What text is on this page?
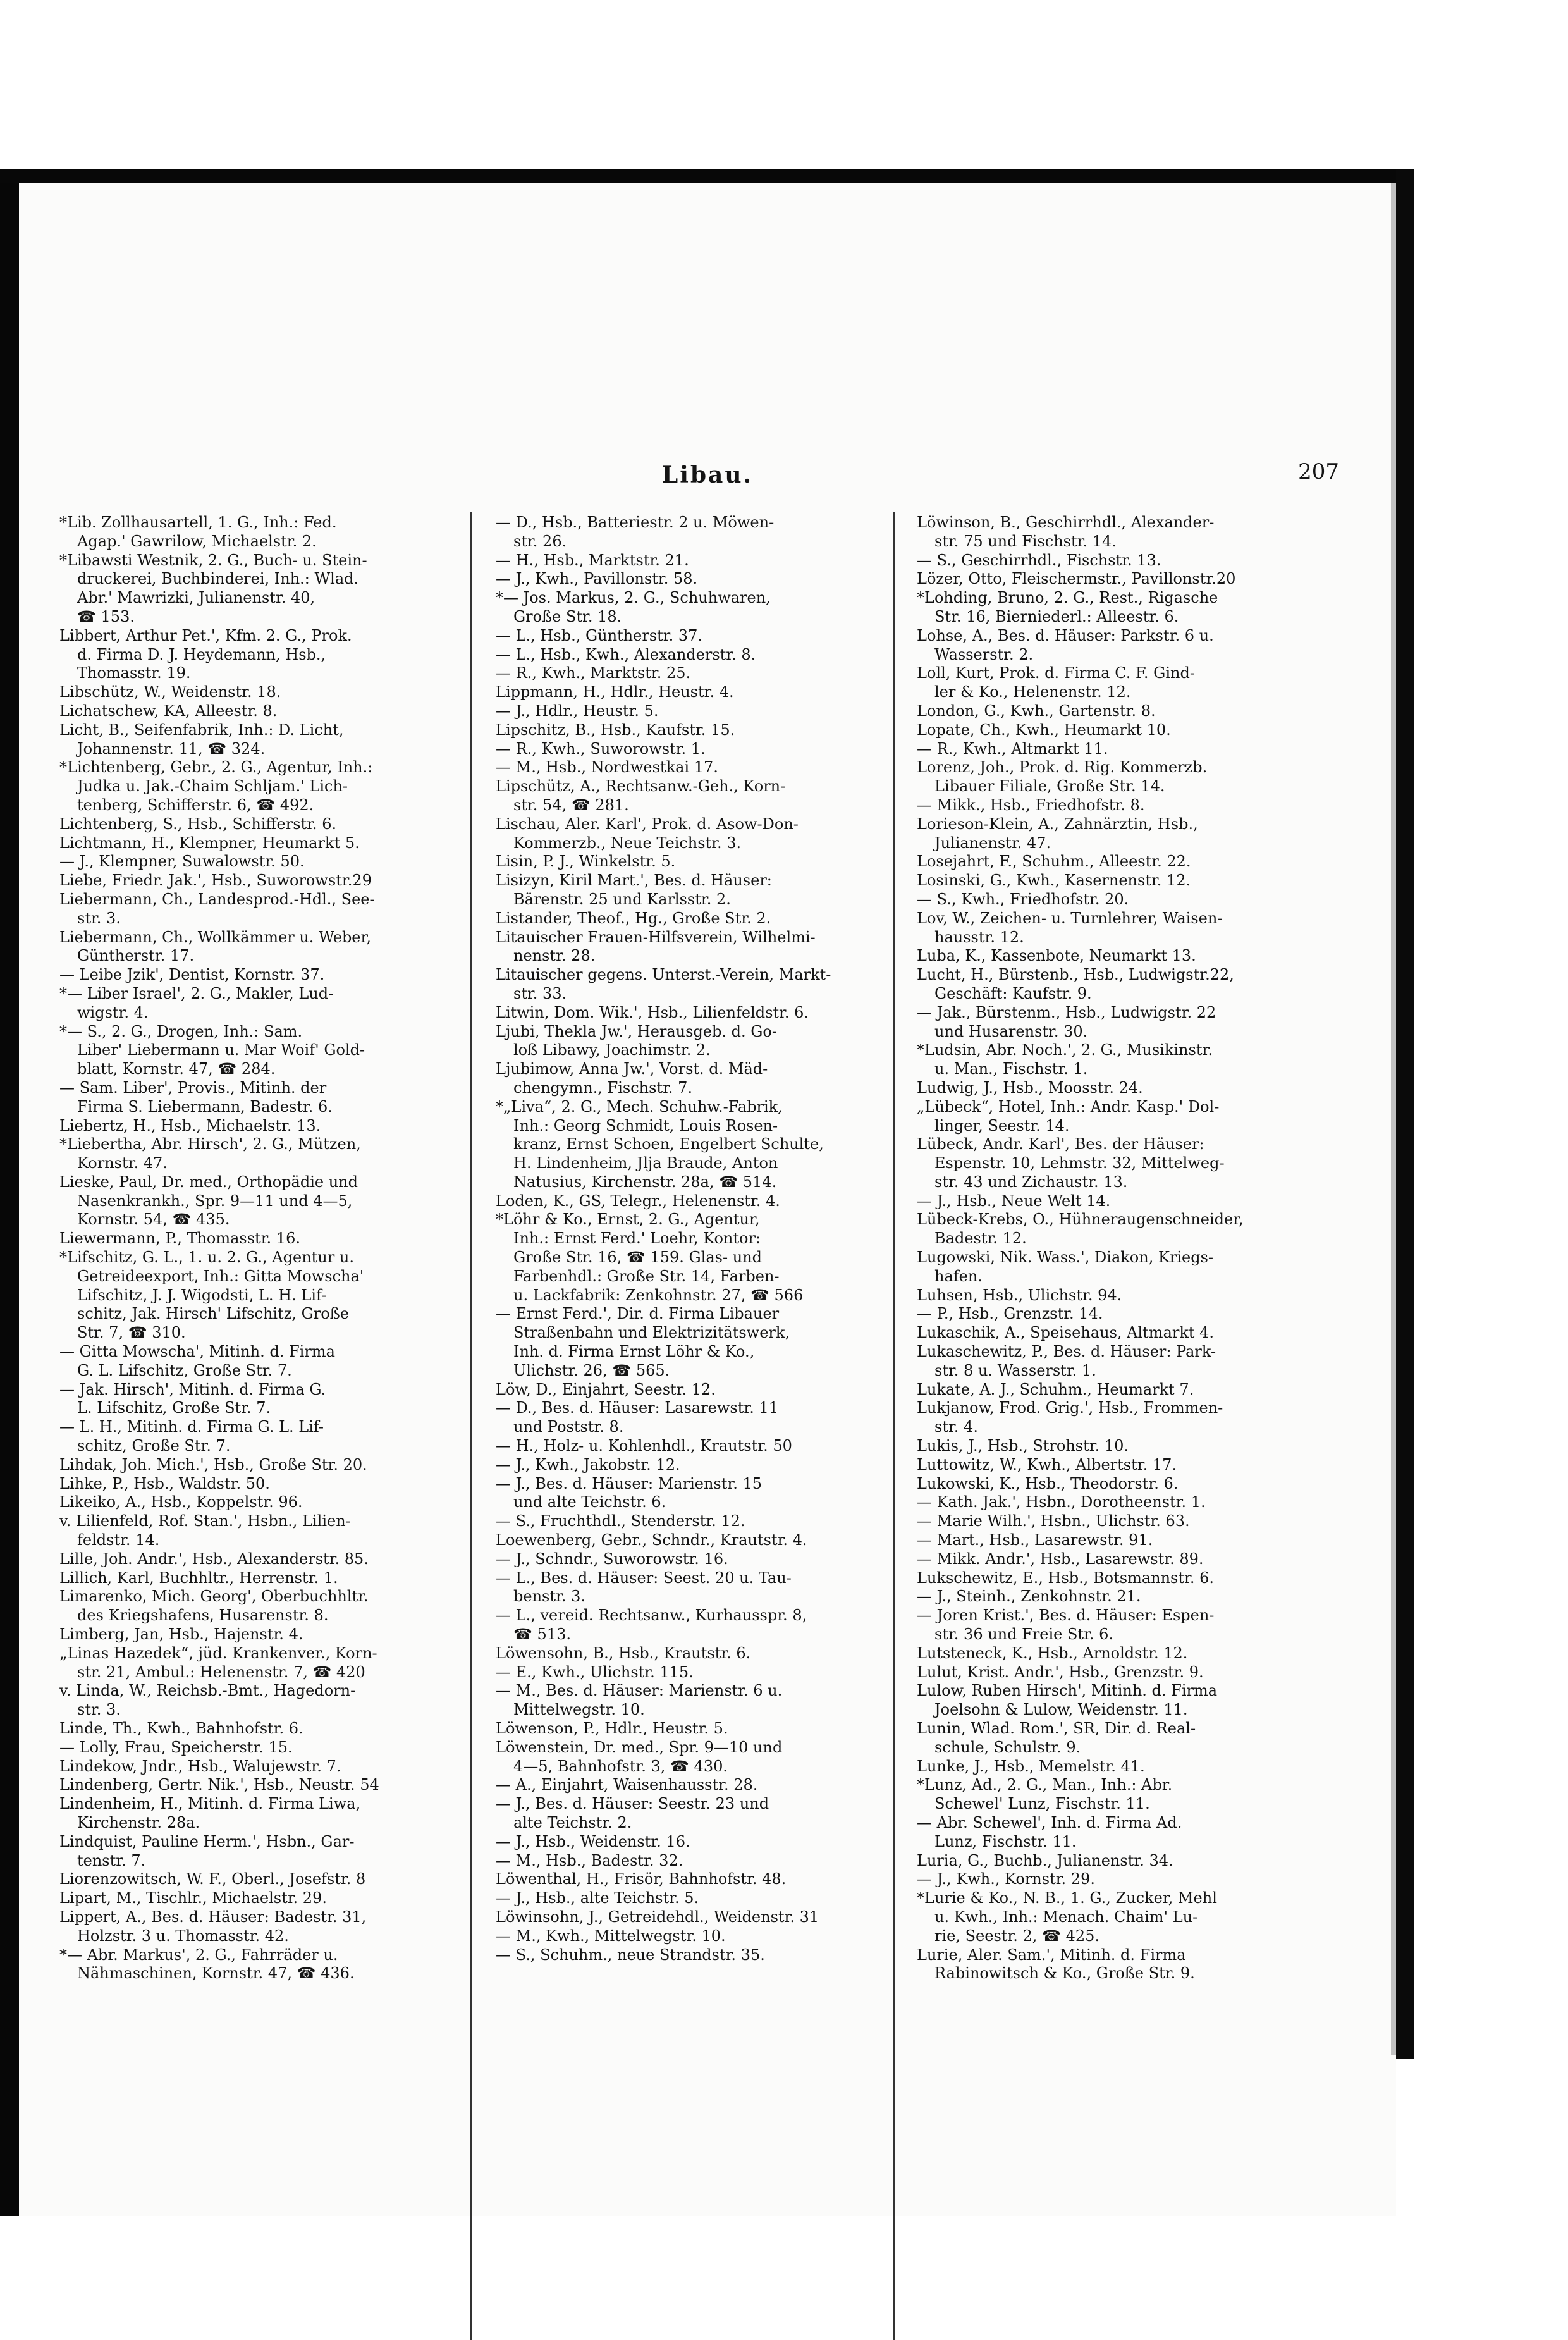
Libau.	207
*Lib. Zollhausartell, 1. G., Inh.: Fed.
Agap.' Gawrilow, Michaelstr. 2.
*Libawsti Westnik, 2. G., Buch- u. Stein-
druckerei, Buchbinderei, Inh.: Wlad.
Abr.' Mawrizki, Julianenstr. 40,
☎ 153.
Libbert, Arthur Pet.', Kfm. 2. G., Prok.
d. Firma D. J. Heydemann, Hsb.,
Thomasstr. 19.
Libschütz, W., Weidenstr. 18.
Lichatschew, KA, Alleestr. 8.
Licht, B., Seifenfabrik, Inh.: D. Licht,
Johannenstr. 11, ☎ 324.
*Lichtenberg, Gebr., 2. G., Agentur, Inh.:
Judka u. Jak.-Chaim Schljam.' Lich-
tenberg, Schifferstr. 6, ☎ 492.
Lichtenberg, S., Hsb., Schifferstr. 6.
Lichtmann, H., Klempner, Heumarkt 5.
— J., Klempner, Suwalowstr. 50.
Liebe, Friedr. Jak.', Hsb., Suworowstr.29
Liebermann, Ch., Landesprod.-Hdl., See-
str. 3.
Liebermann, Ch., Wollkämmer u. Weber,
Güntherstr. 17.
— Leibe Jzik', Dentist, Kornstr. 37.
*— Liber Israel', 2. G., Makler, Lud-
wigstr. 4.
*— S., 2. G., Drogen, Inh.: Sam.
Liber' Liebermann u. Mar Woif' Gold-
blatt, Kornstr. 47, ☎ 284.
— Sam. Liber', Provis., Mitinh. der
Firma S. Liebermann, Badestr. 6.
Liebertz, H., Hsb., Michaelstr. 13.
*Liebertha, Abr. Hirsch', 2. G., Mützen,
Kornstr. 47.
Lieske, Paul, Dr. med., Orthopädie und
Nasenkrankh., Spr. 9—11 und 4—5,
Kornstr. 54, ☎ 435.
Liewermann, P., Thomasstr. 16.
*Lifschitz, G. L., 1. u. 2. G., Agentur u.
Getreideexport, Inh.: Gitta Mowscha'
Lifschitz, J. J. Wigodsti, L. H. Lif-
schitz, Jak. Hirsch' Lifschitz, Große
Str. 7, ☎ 310.
— Gitta Mowscha', Mitinh. d. Firma
G. L. Lifschitz, Große Str. 7.
— Jak. Hirsch', Mitinh. d. Firma G.
L. Lifschitz, Große Str. 7.
— L. H., Mitinh. d. Firma G. L. Lif-
schitz, Große Str. 7.
Lihdak, Joh. Mich.', Hsb., Große Str. 20.
Lihke, P., Hsb., Waldstr. 50.
Likeiko, A., Hsb., Koppelstr. 96.
v. Lilienfeld, Rof. Stan.', Hsbn., Lilien-
feldstr. 14.
Lille, Joh. Andr.', Hsb., Alexanderstr. 85.
Lillich, Karl, Buchhltr., Herrenstr. 1.
Limarenko, Mich. Georg', Oberbuchhltr.
des Kriegshafens, Husarenstr. 8.
Limberg, Jan, Hsb., Hajenstr. 4.
„Linas Hazedek“, jüd. Krankenver., Korn-
str. 21, Ambul.: Helenenstr. 7, ☎ 420
v. Linda, W., Reichsb.-Bmt., Hagedorn-
str. 3.
Linde, Th., Kwh., Bahnhofstr. 6.
— Lolly, Frau, Speicherstr. 15.
Lindekow, Jndr., Hsb., Walujewstr. 7.
Lindenberg, Gertr. Nik.', Hsb., Neustr. 54
Lindenheim, H., Mitinh. d. Firma Liwa,
Kirchenstr. 28a.
Lindquist, Pauline Herm.', Hsbn., Gar-
tenstr. 7.
Liorenzowitsch, W. F., Oberl., Josefstr. 8
Lipart, M., Tischlr., Michaelstr. 29.
Lippert, A., Bes. d. Häuser: Badestr. 31,
Holzstr. 3 u. Thomasstr. 42.
*— Abr. Markus', 2. G., Fahrräder u.
Nähmaschinen, Kornstr. 47, ☎ 436.
— D., Hsb., Batteriestr. 2 u. Möwen-
str. 26.
— H., Hsb., Marktstr. 21.
— J., Kwh., Pavillonstr. 58.
*— Jos. Markus, 2. G., Schuhwaren,
Große Str. 18.
— L., Hsb., Güntherstr. 37.
— L., Hsb., Kwh., Alexanderstr. 8.
— R., Kwh., Marktstr. 25.
Lippmann, H., Hdlr., Heustr. 4.
— J., Hdlr., Heustr. 5.
Lipschitz, B., Hsb., Kaufstr. 15.
— R., Kwh., Suworowstr. 1.
— M., Hsb., Nordwestkai 17.
Lipschütz, A., Rechtsanw.-Geh., Korn-
str. 54, ☎ 281.
Lisch͏au, Aler. Karl', Prok. d. Asow-Don-
Kommerzb., Neue Teichstr. 3.
Lisin, P. J., Winkelstr. 5.
Lisizyn, Kiril Mart.', Bes. d. Häuser:
Bärenstr. 25 und Karlsstr. 2.
Listander, Theof., Hg., Große Str. 2.
Litauischer Frauen-Hilfsverein, Wilhelmi-
nenstr. 28.
Litauischer gegens. Unterst.-Verein, Markt-
str. 33.
Litwin, Dom. Wik.', Hsb., Lilienfeldstr. 6.
Ljubi, Thekla Jw.', Herausgeb. d. Go-
loß Libawy, Joachimstr. 2.
Ljubimow, Anna Jw.', Vorst. d. Mäd-
chengymn., Fischstr. 7.
*„Liva“, 2. G., Mech. Schuhw.-Fabrik,
Inh.: Georg Schmidt, Louis Rosen-
kranz, Ernst Schoen, Engelbert Schulte,
H. Lindenheim, Jlja Braude, Anton
Natusius, Kirchenstr. 28a, ☎ 514.
Loden, K., GS, Telegr., Helenenstr. 4.
*Löhr & Ko., Ernst, 2. G., Agentur,
Inh.: Ernst Ferd.' Loehr, Kontor:
Große Str. 16, ☎ 159. Glas- und
Farbenhdl.: Große Str. 14, Farben-
u. Lackfabrik: Zenkohnstr. 27, ☎ 566
— Ernst Ferd.', Dir. d. Firma Libauer
Straßenbahn und Elektrizitätswerk,
Inh. d. Firma Ernst Löhr & Ko.,
Ulichstr. 26, ☎ 565.
Löw, D., Einjahrt, Seestr. 12.
— D., Bes. d. Häuser: Lasarewstr. 11
und Poststr. 8.
— H., Holz- u. Kohlenhdl., Krautstr. 50
— J., Kwh., Jakobstr. 12.
— J., Bes. d. Häuser: Marienstr. 15
und alte Teichstr. 6.
— S., Fruchthdl., Stenderstr. 12.
Loewenberg, Gebr., Schndr., Krautstr. 4.
— J., Schndr., Suworowstr. 16.
— L., Bes. d. Häuser: Seest. 20 u. Tau-
benstr. 3.
— L., vereid. Rechtsanw., Kurhausspr. 8,
☎ 513.
Löwensohn, B., Hsb., Krautstr. 6.
— E., Kwh., Ulichstr. 115.
— M., Bes. d. Häuser: Marienstr. 6 u.
Mittelwegstr. 10.
Löwenson, P., Hdlr., Heustr. 5.
Löwenstein, Dr. med., Spr. 9—10 und
4—5, Bahnhofstr. 3, ☎ 430.
— A., Einjahrt, Waisenhausstr. 28.
— J., Bes. d. Häuser: Seestr. 23 und
alte Teichstr. 2.
— J., Hsb., Weidenstr. 16.
— M., Hsb., Badestr. 32.
Löwenthal, H., Frisör, Bahnhofstr. 48.
— J., Hsb., alte Teichstr. 5.
Löwinsohn, J., Getreidehdl., Weidenstr. 31
— M., Kwh., Mittelwegstr. 10.
— S., Schuhm., neue Strandstr. 35.
Löwinson, B., Geschirrhdl., Alexander-
str. 75 und Fischstr. 14.
— S., Geschirrhdl., Fischstr. 13.
Lözer, Otto, Fleischermstr., Pavillonstr.20
*Lohding, Bruno, 2. G., Rest., Rigasche
Str. 16, Bierniederl.: Alleestr. 6.
Lohse, A., Bes. d. Häuser: Parkstr. 6 u.
Wasserstr. 2.
Loll, Kurt, Prok. d. Firma C. F. Gind-
ler & Ko., Helenenstr. 12.
London, G., Kwh., Gartenstr. 8.
Lopate, Ch., Kwh., Heumarkt 10.
— R., Kwh., Altmarkt 11.
Lorenz, Joh., Prok. d. Rig. Kommerzb.
Libauer Filiale, Große Str. 14.
— Mikk., Hsb., Friedhofstr. 8.
Lorieson-Klein, A., Zahnärztin, Hsb.,
Julianenstr. 47.
Losejahrt, F., Schuhm., Alleestr. 22.
Losinski, G., Kwh., Kasernenstr. 12.
— S., Kwh., Friedhofstr. 20.
Lov, W., Zeichen- u. Turnlehrer, Waisen-
hausstr. 12.
Luba, K., Kassenbote, Neumarkt 13.
Lucht, H., Bürstenb., Hsb., Ludwigstr.22,
Geschäft: Kaufstr. 9.
— Jak., Bürstenm., Hsb., Ludwigstr. 22
und Husarenstr. 30.
*Ludsin, Abr. Noch.', 2. G., Musikinstr.
u. Man., Fischstr. 1.
Ludwig, J., Hsb., Moosstr. 24.
„Lübeck“, Hotel, Inh.: Andr. Kasp.' Dol-
linger, Seestr. 14.
Lübeck, Andr. Karl', Bes. der Häuser:
Espenstr. 10, Lehmstr. 32, Mittelweg-
str. 43 und Zichaustr. 13.
— J., Hsb., Neue Welt 14.
Lübeck-Krebs, O., Hühneraugenschneider,
Badestr. 12.
Lugowski, Nik. Wass.', Diakon, Kriegs-
hafen.
Luhsen, Hsb., Ulichstr. 94.
— P., Hsb., Grenzstr. 14.
Lukaschik, A., Speisehaus, Altmarkt 4.
Lukaschewitz, P., Bes. d. Häuser: Park-
str. 8 u. Wasserstr. 1.
Lukate, A. J., Schuhm., Heumarkt 7.
Lukjanow, Frod. Grig.', Hsb., Frommen-
str. 4.
Lukis, J., Hsb., Strohstr. 10.
Luttowitz, W., Kwh., Albertstr. 17.
Lukowski, K., Hsb., Theodorstr. 6.
— Kath. Jak.', Hsbn., Dorotheenstr. 1.
— Marie Wilh.', Hsbn., Ulichstr. 63.
— Mart., Hsb., Lasarewstr. 91.
— Mikk. Andr.', Hsb., Lasarewstr. 89.
Lukschewitz, E., Hsb., Botsmannstr. 6.
— J., Steinh., Zenkohnstr. 21.
— Joren Krist.', Bes. d. Häuser: Espen-
str. 36 und Freie Str. 6.
Lutsteneck, K., Hsb., Arnoldstr. 12.
Lulut, Krist. Andr.', Hsb., Grenzstr. 9.
Lulow, Ruben Hirsch', Mitinh. d. Firma
Joelsohn & Lulow, Weidenstr. 11.
Lunin, Wlad. Rom.', SR, Dir. d. Real-
schule, Schulstr. 9.
Lunke, J., Hsb., Memelstr. 41.
*Lunz, Ad., 2. G., Man., Inh.: Abr.
Schewel' Lunz, Fischstr. 11.
— Abr. Schewel', Inh. d. Firma Ad.
Lunz, Fischstr. 11.
Luria, G., Buchb., Julianenstr. 34.
— J., Kwh., Kornstr. 29.
*Lurie & Ko., N. B., 1. G., Zucker, Mehl
u. Kwh., Inh.: Menach. Chaim' Lu-
rie, Seestr. 2, ☎ 425.
Lurie, Aler. Sam.', Mitinh. d. Firma
Rabinowitsch & Ko., Große Str. 9.
